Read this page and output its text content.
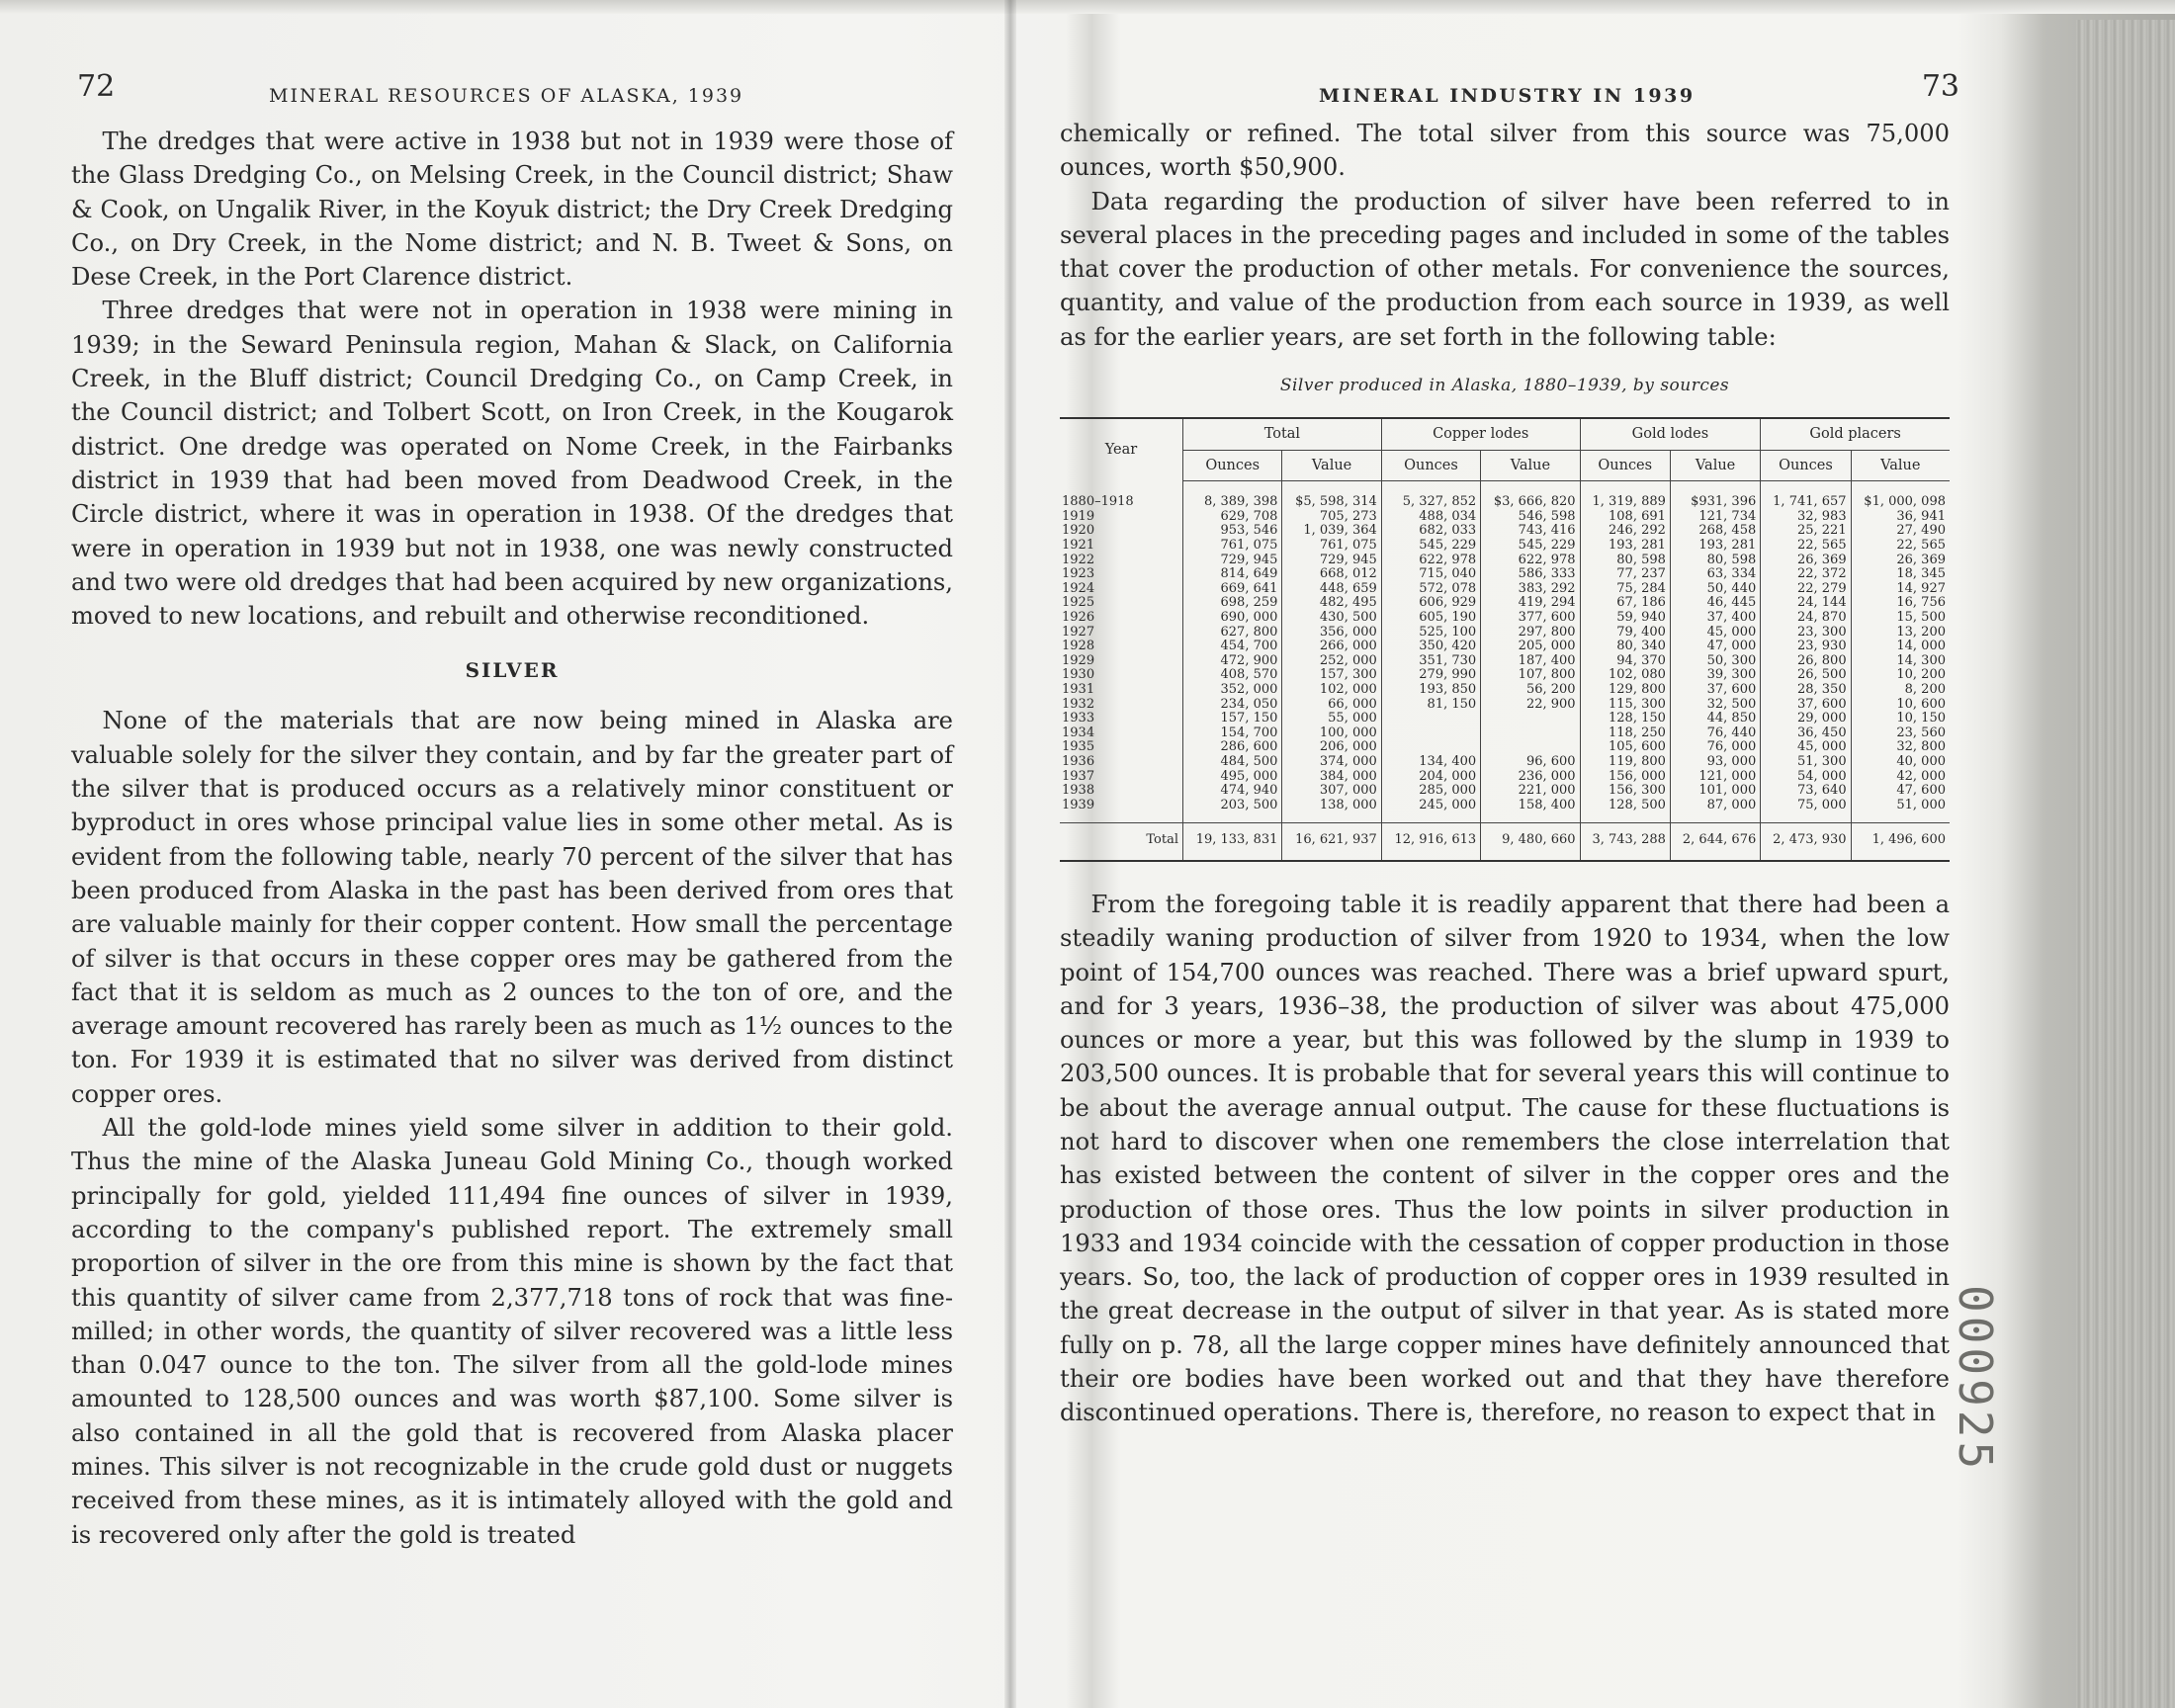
000925
72	MINERAL RESOURCES OF ALASKA, 1939

The dredges that were active in 1938 but not in 1939 were those of the Glass Dredging Co., on Melsing Creek, in the Council district; Shaw & Cook, on Ungalik River, in the Koyuk district; the Dry Creek Dredging Co., on Dry Creek, in the Nome district; and N. B. Tweet & Sons, on Dese Creek, in the Port Clarence district.

Three dredges that were not in operation in 1938 were mining in 1939; in the Seward Peninsula region, Mahan & Slack, on California Creek, in the Bluff district; Council Dredging Co., on Camp Creek, in the Council district; and Tolbert Scott, on Iron Creek, in the Kougarok district. One dredge was operated on Nome Creek, in the Fairbanks district in 1939 that had been moved from Deadwood Creek, in the Circle district, where it was in operation in 1938. Of the dredges that were in operation in 1939 but not in 1938, one was newly constructed and two were old dredges that had been acquired by new organizations, moved to new locations, and rebuilt and otherwise reconditioned.

SILVER

None of the materials that are now being mined in Alaska are valuable solely for the silver they contain, and by far the greater part of the silver that is produced occurs as a relatively minor constituent or byproduct in ores whose principal value lies in some other metal. As is evident from the following table, nearly 70 percent of the silver that has been produced from Alaska in the past has been derived from ores that are valuable mainly for their copper content. How small the percentage of silver is that occurs in these copper ores may be gathered from the fact that it is seldom as much as 2 ounces to the ton of ore, and the average amount recovered has rarely been as much as 1½ ounces to the ton. For 1939 it is estimated that no silver was derived from distinct copper ores.

All the gold-lode mines yield some silver in addition to their gold. Thus the mine of the Alaska Juneau Gold Mining Co., though worked principally for gold, yielded 111,494 fine ounces of silver in 1939, according to the company's published report. The extremely small proportion of silver in the ore from this mine is shown by the fact that this quantity of silver came from 2,377,718 tons of rock that was fine-milled; in other words, the quantity of silver recovered was a little less than 0.047 ounce to the ton. The silver from all the gold-lode mines amounted to 128,500 ounces and was worth $87,100. Some silver is also contained in all the gold that is recovered from Alaska placer mines. This silver is not recognizable in the crude gold dust or nuggets received from these mines, as it is intimately alloyed with the gold and is recovered only after the gold is treated

MINERAL INDUSTRY IN 1939	73

chemically or refined. The total silver from this source was 75,000 ounces, worth $50,900.

Data regarding the production of silver have been referred to in several places in the preceding pages and included in some of the tables that cover the production of other metals. For convenience the sources, quantity, and value of the production from each source in 1939, as well as for the earlier years, are set forth in the following table:

Silver produced in Alaska, 1880–1939, by sources
Year	Total		Copper lodes		Gold lodes		Gold placers	
	Ounces	Value	Ounces	Value	Ounces	Value	Ounces	Value
1880–1918	8, 389, 398	$5, 598, 314	5, 327, 852	$3, 666, 820	1, 319, 889	$931, 396	1, 741, 657	$1, 000, 098
1919	629, 708	705, 273	488, 034	546, 598	108, 691	121, 734	32, 983	36, 941
1920	953, 546	1, 039, 364	682, 033	743, 416	246, 292	268, 458	25, 221	27, 490
1921	761, 075	761, 075	545, 229	545, 229	193, 281	193, 281	22, 565	22, 565
1922	729, 945	729, 945	622, 978	622, 978	80, 598	80, 598	26, 369	26, 369
1923	814, 649	668, 012	715, 040	586, 333	77, 237	63, 334	22, 372	18, 345
1924	669, 641	448, 659	572, 078	383, 292	75, 284	50, 440	22, 279	14, 927
1925	698, 259	482, 495	606, 929	419, 294	67, 186	46, 445	24, 144	16, 756
1926	690, 000	430, 500	605, 190	377, 600	59, 940	37, 400	24, 870	15, 500
1927	627, 800	356, 000	525, 100	297, 800	79, 400	45, 000	23, 300	13, 200
1928	454, 700	266, 000	350, 420	205, 000	80, 340	47, 000	23, 930	14, 000
1929	472, 900	252, 000	351, 730	187, 400	94, 370	50, 300	26, 800	14, 300
1930	408, 570	157, 300	279, 990	107, 800	102, 080	39, 300	26, 500	10, 200
1931	352, 000	102, 000	193, 850	56, 200	129, 800	37, 600	28, 350	8, 200
1932	234, 050	66, 000	81, 150	22, 900	115, 300	32, 500	37, 600	10, 600
1933	157, 150	55, 000			128, 150	44, 850	29, 000	10, 150
1934	154, 700	100, 000			118, 250	76, 440	36, 450	23, 560
1935	286, 600	206, 000			105, 600	76, 000	45, 000	32, 800
1936	484, 500	374, 000	134, 400	96, 600	119, 800	93, 000	51, 300	40, 000
1937	495, 000	384, 000	204, 000	236, 000	156, 000	121, 000	54, 000	42, 000
1938	474, 940	307, 000	285, 000	221, 000	156, 300	101, 000	73, 640	47, 600
1939	203, 500	138, 000	245, 000	158, 400	128, 500	87, 000	75, 000	51, 000
Total	19, 133, 831	16, 621, 937	12, 916, 613	9, 480, 660	3, 743, 288	2, 644, 676	2, 473, 930	1, 496, 600

From the foregoing table it is readily apparent that there had been a steadily waning production of silver from 1920 to 1934, when the low point of 154,700 ounces was reached. There was a brief upward spurt, and for 3 years, 1936–38, the production of silver was about 475,000 ounces or more a year, but this was followed by the slump in 1939 to 203,500 ounces. It is probable that for several years this will continue to be about the average annual output. The cause for these fluctuations is not hard to discover when one remembers the close interrelation that has existed between the content of silver in the copper ores and the production of those ores. Thus the low points in silver production in 1933 and 1934 coincide with the cessation of copper production in those years. So, too, the lack of production of copper ores in 1939 resulted in the great decrease in the output of silver in that year. As is stated more fully on p. 78, all the large copper mines have definitely announced that their ore bodies have been worked out and that they have therefore discontinued operations. There is, therefore, no reason to expect that in
